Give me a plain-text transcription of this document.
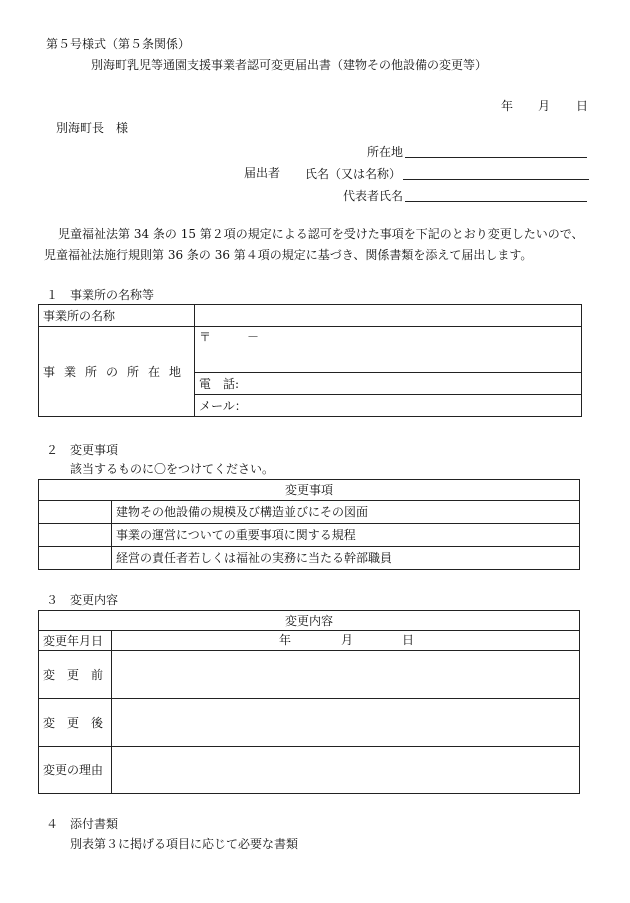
第５号様式（第５条関係）
別海町乳児等通園支援事業者認可変更届出書（建物その他設備の変更等）
年 月 日
別海町長　様
所在地
届出者 氏名（又は名称）
代表者氏名
児童福祉法第 34 条の 15 第２項の規定による認可を受けた事項を下記のとおり変更したいので、
児童福祉法施行規則第 36 条の 36 第４項の規定に基づき、関係書類を添えて届出します。
１　事業所の名称等
事業所の名称	
事業所の所在地	〒　　　－
	電　話:
	メール：
２　変更事項
該当するものに〇をつけてください。
変更事項	
	建物その他設備の規模及び構造並びにその図面
	事業の運営についての重要事項に関する規程
	経営の責任者若しくは福祉の実務に当たる幹部職員
３　変更内容
変更内容	
変更年月日	年 月 日

変　更　前	
変　更　後	
変更の理由	
４　添付書類
別表第３に掲げる項目に応じて必要な書類
